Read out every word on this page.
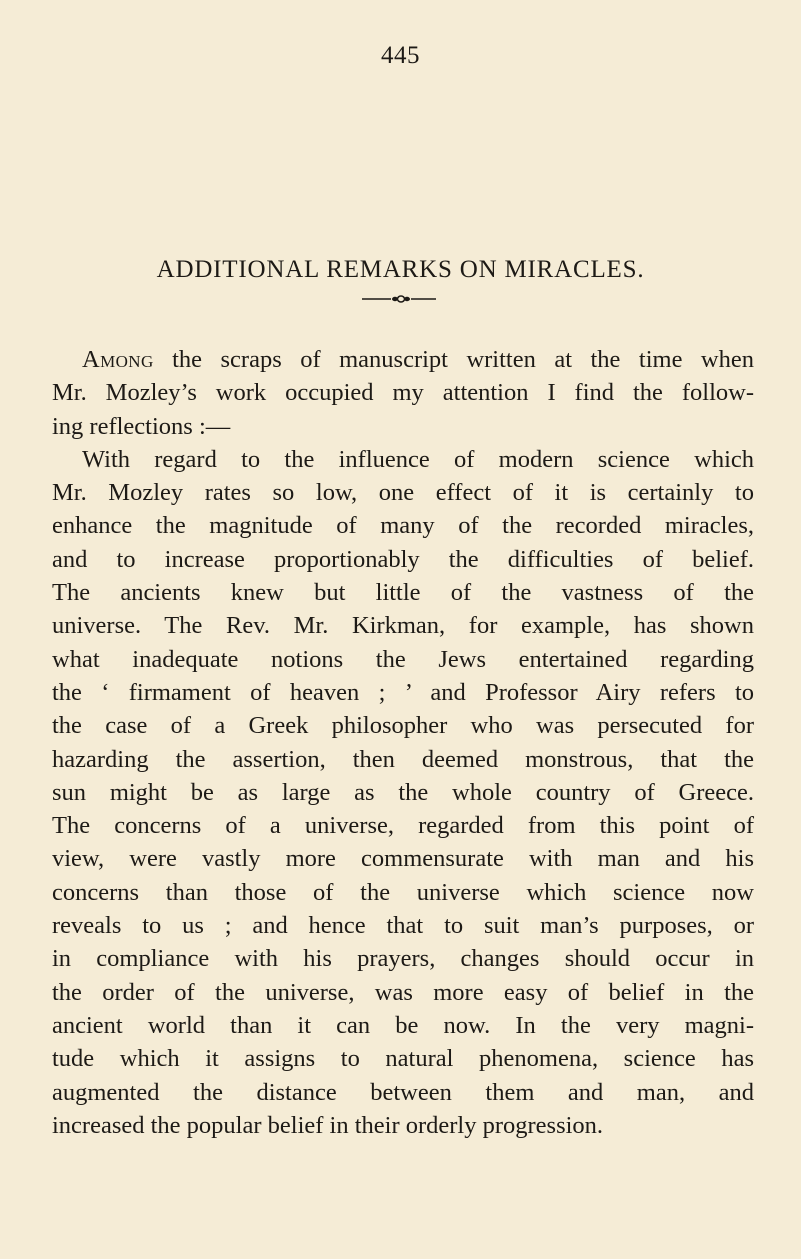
445
ADDITIONAL REMARKS ON MIRACLES.
Among the scraps of manuscript written at the time when
Mr. Mozley’s work occupied my attention I find the follow-
ing reflections :—
With regard to the influence of modern science which
Mr. Mozley rates so low, one effect of it is certainly to
enhance the magnitude of many of the recorded miracles,
and to increase proportionably the difficulties of belief.
The ancients knew but little of the vastness of the
universe. The Rev. Mr. Kirkman, for example, has shown
what inadequate notions the Jews entertained regarding
the ‘ firmament of heaven ; ’ and Professor Airy refers to
the case of a Greek philosopher who was persecuted for
hazarding the assertion, then deemed monstrous, that the
sun might be as large as the whole country of Greece.
The concerns of a universe, regarded from this point of
view, were vastly more commensurate with man and his
concerns than those of the universe which science now
reveals to us ; and hence that to suit man’s purposes, or
in compliance with his prayers, changes should occur in
the order of the universe, was more easy of belief in the
ancient world than it can be now. In the very magni-
tude which it assigns to natural phenomena, science has
augmented the distance between them and man, and
increased the popular belief in their orderly progression.
